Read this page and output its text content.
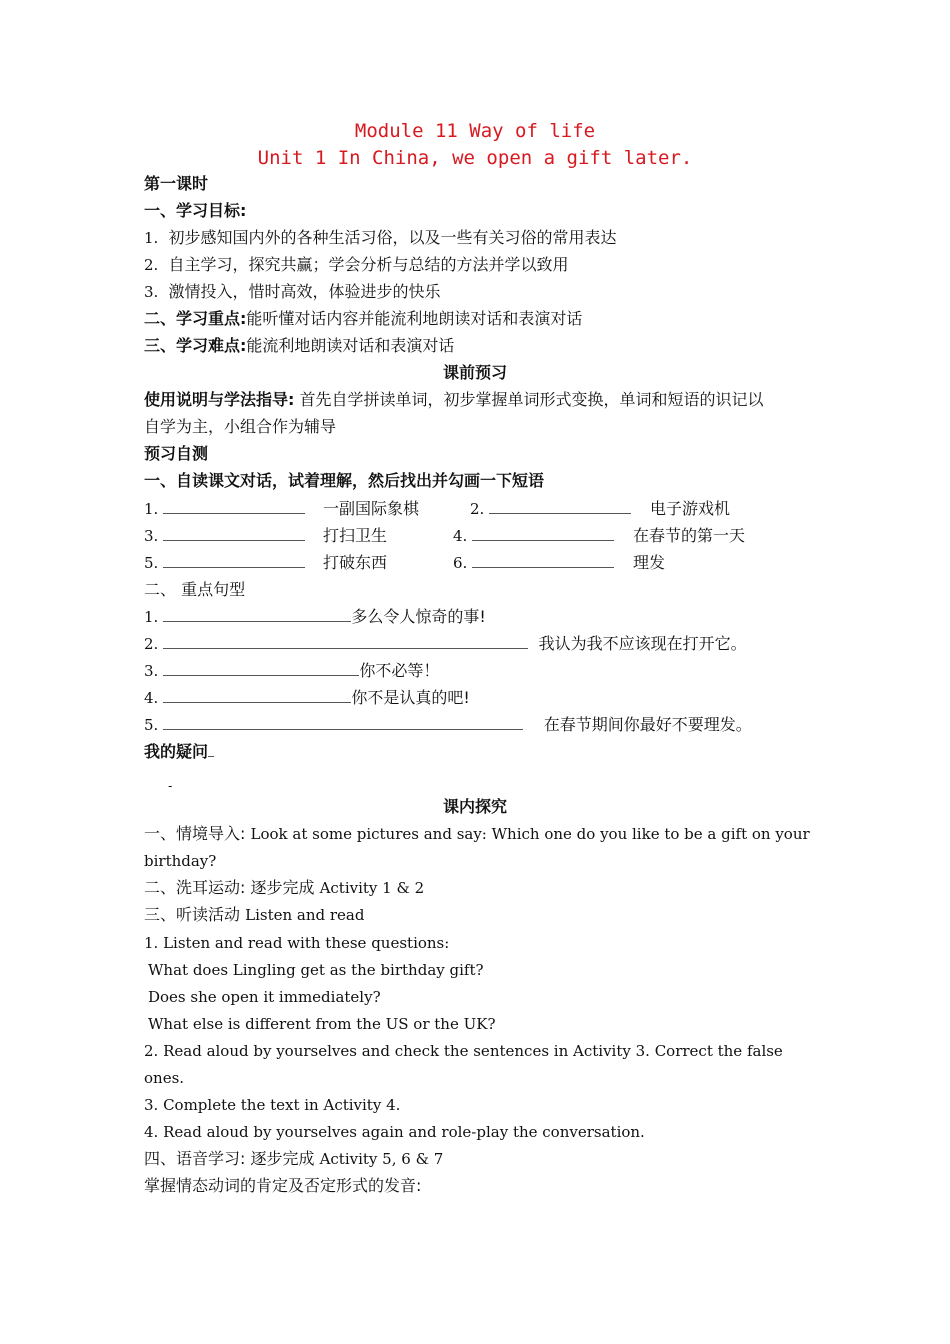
Module 11 Way of life
Unit 1 In China, we open a gift later.
第一课时
一、学习目标:
1. 初步感知国内外的各种生活习俗，以及一些有关习俗的常用表达
2. 自主学习，探究共赢；学会分析与总结的方法并学以致用
3. 激情投入，惜时高效，体验进步的快乐
二、学习重点:能听懂对话内容并能流利地朗读对话和表演对话
三、学习难点:能流利地朗读对话和表演对话
课前预习
使用说明与学法指导: 首先自学拼读单词，初步掌握单词形式变换，单词和短语的识记以
自学为主，小组合作为辅导
预习自测
一、自读课文对话，试着理解，然后找出并勾画一下短语
1.	一副国际象棋	2.	电子游戏机
3.	打扫卫生	4.	在春节的第一天
5.	打破东西	6.	理发
二、 重点句型
1.	多么令人惊奇的事!
2.	我认为我不应该现在打开它。
3.	你不必等！
4.	你不是认真的吧!
5.	在春节期间你最好不要理发。
我的疑问
-
课内探究
一、情境导入: Look at some pictures and say: Which one do you like to be a gift on your
birthday?
二、洗耳运动: 逐步完成 Activity 1 & 2
三、听读活动 Listen and read
1. Listen and read with these questions:
What does Lingling get as the birthday gift?
Does she open it immediately?
What else is different from the US or the UK?
2. Read aloud by yourselves and check the sentences in Activity 3. Correct the false
ones.
3. Complete the text in Activity 4.
4. Read aloud by yourselves again and role-play the conversation.
四、语音学习: 逐步完成 Activity 5, 6 & 7
掌握情态动词的肯定及否定形式的发音:
